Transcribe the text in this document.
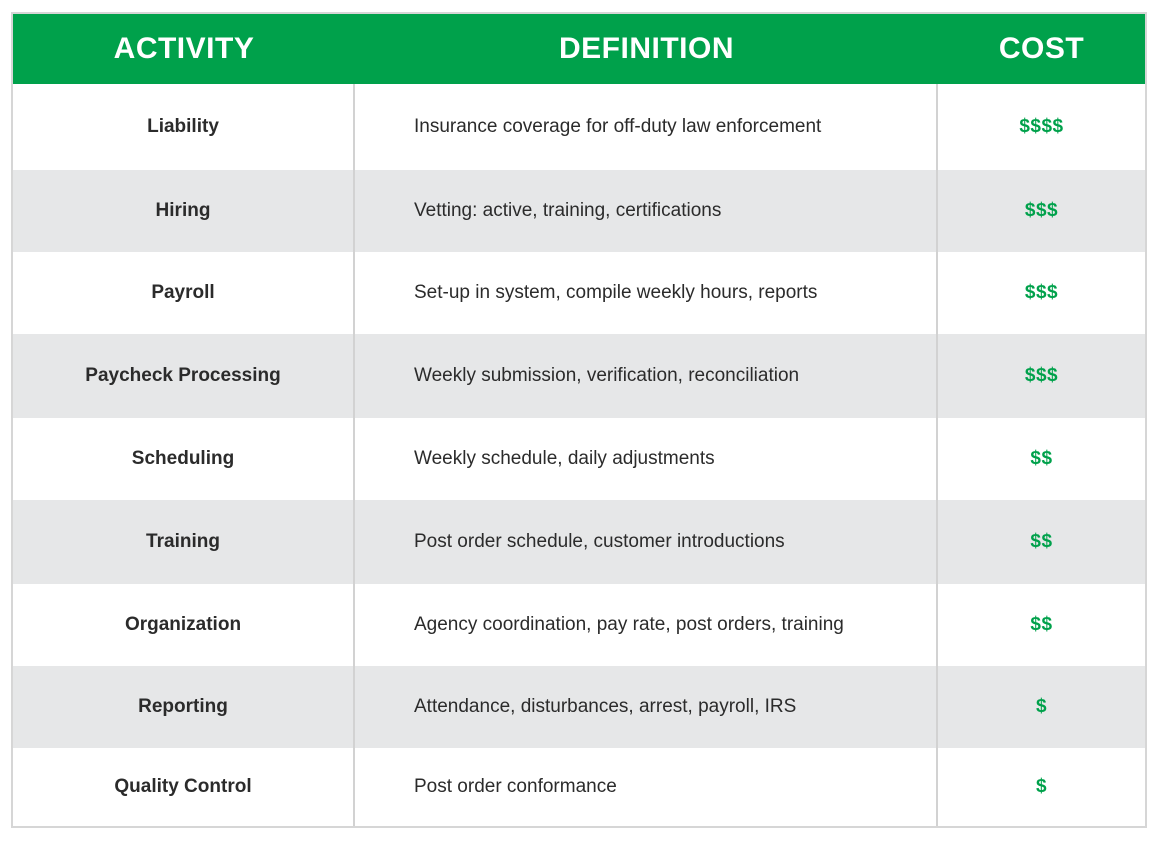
ACTIVITY	DEFINITION	COST
Liability	Insurance coverage for off-duty law enforcement	$$$$
Hiring	Vetting: active, training, certifications	$$$
Payroll	Set-up in system, compile weekly hours, reports	$$$
Paycheck Processing	Weekly submission, verification, reconciliation	$$$
Scheduling	Weekly schedule, daily adjustments	$$
Training	Post order schedule, customer introductions	$$
Organization	Agency coordination, pay rate, post orders, training	$$
Reporting	Attendance, disturbances, arrest, payroll, IRS	$
Quality Control	Post order conformance	$
